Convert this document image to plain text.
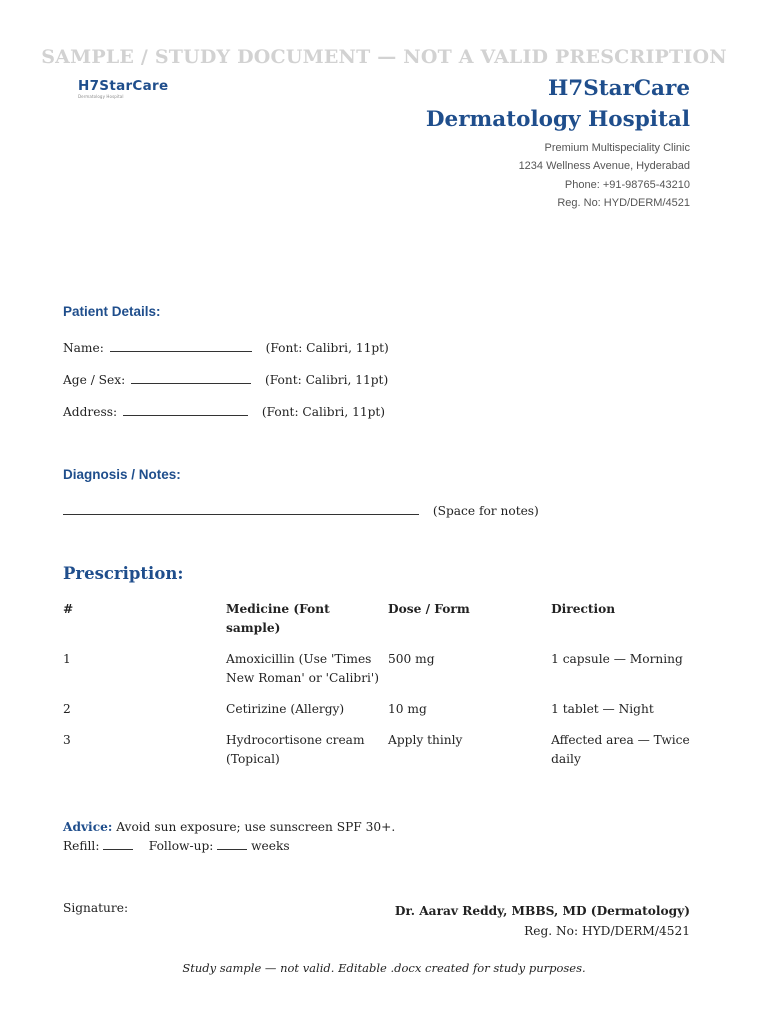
SAMPLE / STUDY DOCUMENT — NOT A VALID PRESCRIPTION
H7StarCare
Dermatology Hospital	H7StarCare
Dermatology Hospital
Premium Multispeciality Clinic
1234 Wellness Avenue, Hyderabad
Phone: +91-98765-43210
Reg. No: HYD/DERM/4521
Patient Details:
Name:	(Font: Calibri, 11pt)
Age / Sex:	(Font: Calibri, 11pt)
Address:	(Font: Calibri, 11pt)
Diagnosis / Notes:
(Space for notes)
Prescription:
#	Medicine (Font sample)	Dose / Form	Direction
1	Amoxicillin (Use 'Times New Roman' or 'Calibri')	500 mg	1 capsule — Morning
2	Cetirizine (Allergy)	10 mg	1 tablet — Night
3	Hydrocortisone cream (Topical)	Apply thinly	Affected area — Twice daily
Advice: Avoid sun exposure; use sunscreen SPF 30+.
Refill:	Follow-up:	weeks
Signature:	Dr. Aarav Reddy, MBBS, MD (Dermatology)
Reg. No: HYD/DERM/4521
Study sample — not valid. Editable .docx created for study purposes.
